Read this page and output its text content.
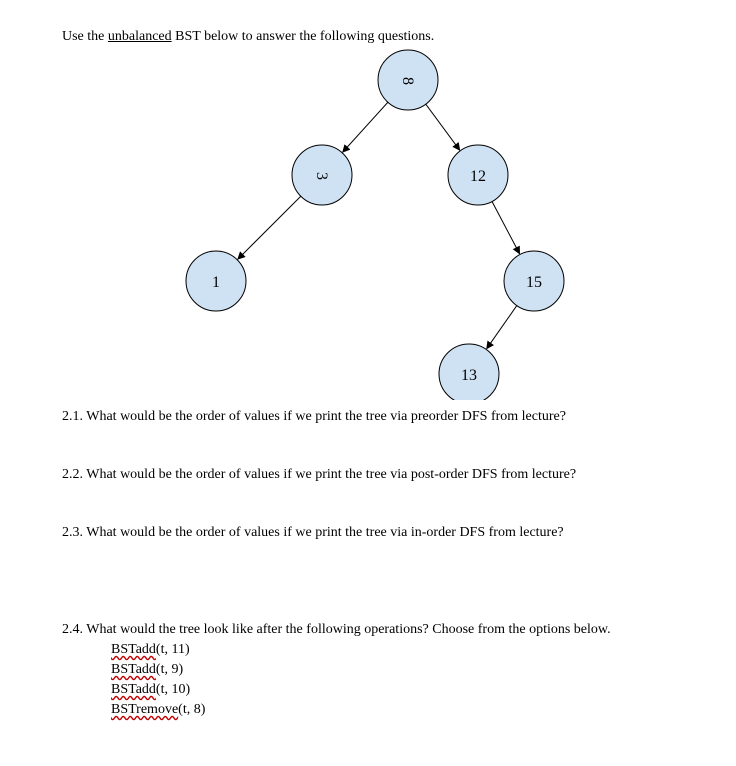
Use the unbalanced BST below to answer the following questions.
8
3	12
1	15
13
2.1. What would be the order of values if we print the tree via preorder DFS from lecture?
2.2. What would be the order of values if we print the tree via post-order DFS from lecture?
2.3. What would be the order of values if we print the tree via in-order DFS from lecture?
2.4. What would the tree look like after the following operations? Choose from the options below.
BSTadd(t, 11)
BSTadd(t, 9)
BSTadd(t, 10)
BSTremove(t, 8)
